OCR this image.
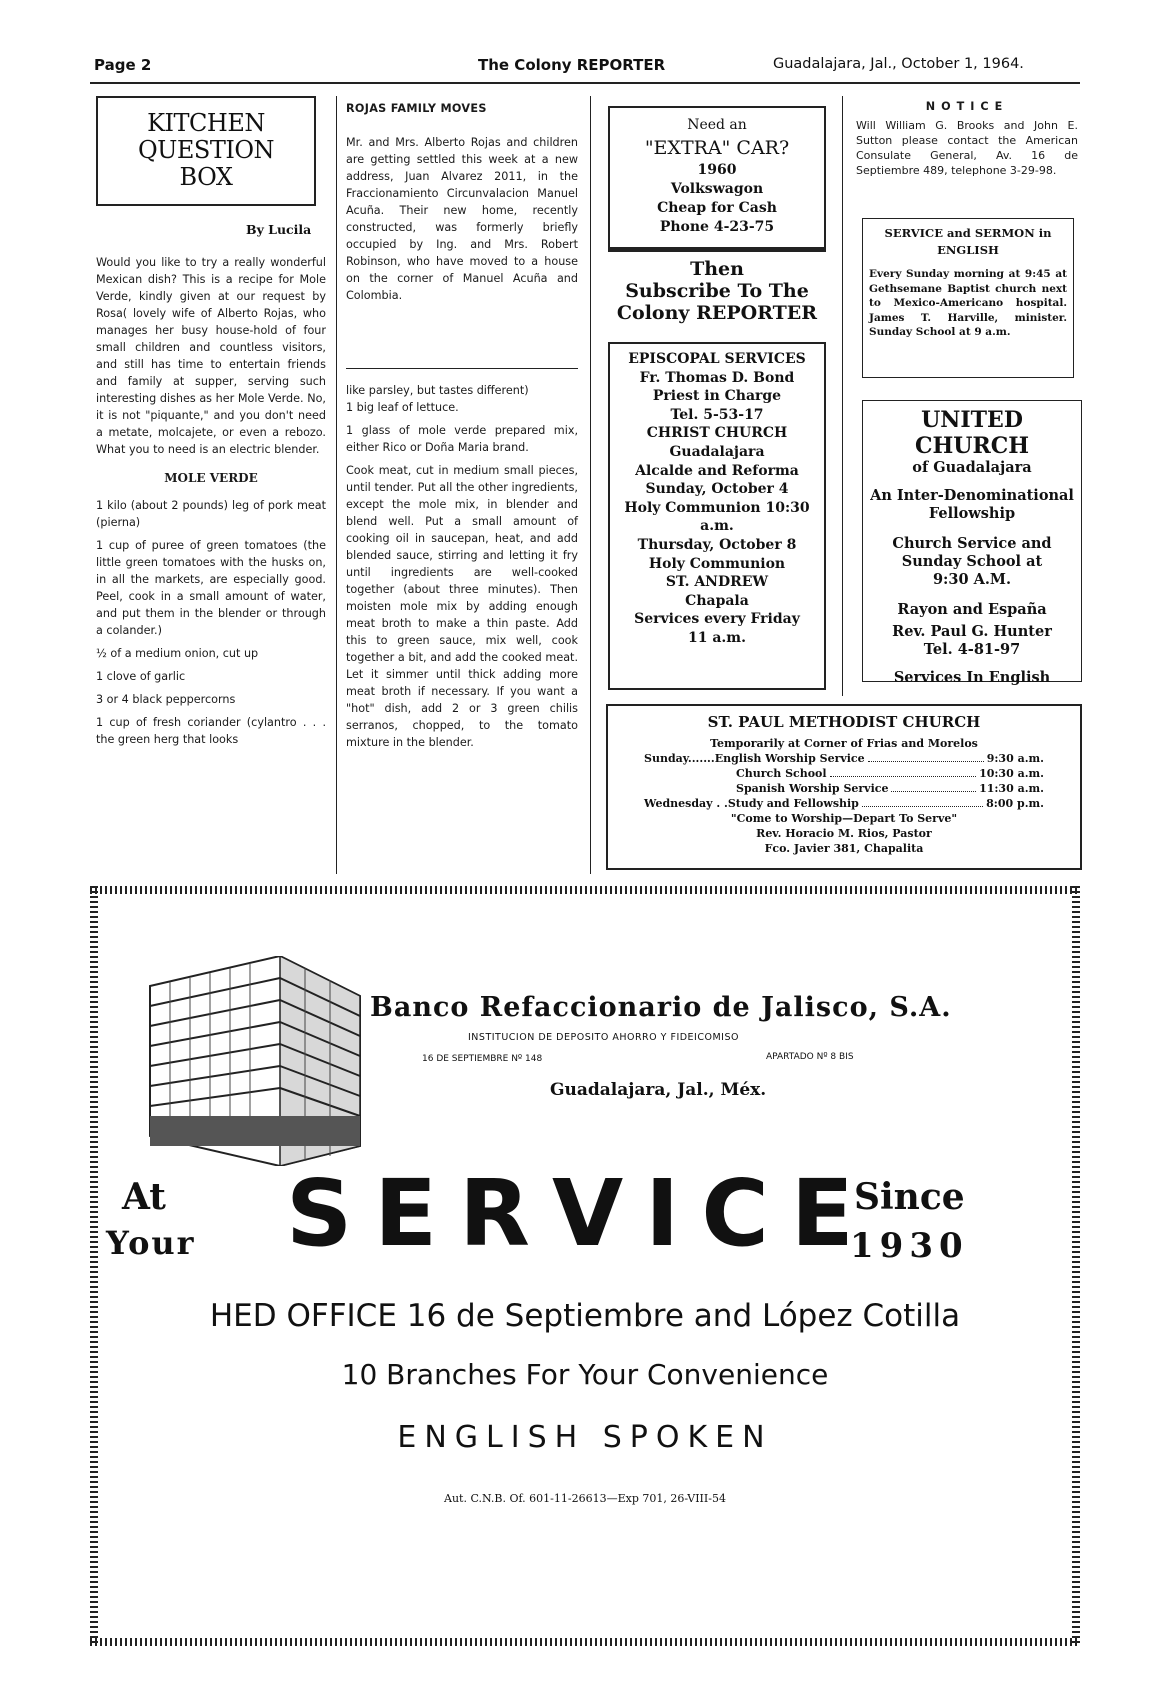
Page 2	The Colony REPORTER	Guadalajara, Jal., October 1, 1964.
KITCHEN
QUESTION
BOX
By Lucila

Would you like to try a really wonderful Mexican dish? This is a recipe for Mole Verde, kindly given at our request by Rosa( lovely wife of Alberto Rojas, who manages her busy house-hold of four small children and countless visitors, and still has time to entertain friends and family at supper, serving such interesting dishes as her Mole Verde. No, it is not "piquante," and you don't need a metate, molcajete, or even a rebozo. What you to need is an electric blender.

MOLE VERDE

1 kilo (about 2 pounds) leg of pork meat (pierna)

1 cup of puree of green tomatoes (the little green tomatoes with the husks on, in all the markets, are especially good. Peel, cook in a small amount of water, and put them in the blender or through a colander.)

½ of a medium onion, cut up

1 clove of garlic

3 or 4 black peppercorns

1 cup of fresh coriander (cylantro . . . the green herg that looks

ROJAS FAMILY MOVES
Mr. and Mrs. Alberto Rojas and children are getting settled this week at a new address, Juan Alvarez 2011, in the Fraccionamiento Circunvalacion Manuel Acuña. Their new home, recently constructed, was formerly briefly occupied by Ing. and Mrs. Robert Robinson, who have moved to a house on the corner of Manuel Acuña and Colombia.

like parsley, but tastes different)

1 big leaf of lettuce.

1 glass of mole verde prepared mix, either Rico or Doña Maria brand.

Cook meat, cut in medium small pieces, until tender. Put all the other ingredients, except the mole mix, in blender and blend well. Put a small amount of cooking oil in saucepan, heat, and add blended sauce, stirring and letting it fry until ingredients are well-cooked together (about three minutes). Then moisten mole mix by adding enough meat broth to make a thin paste. Add this to green sauce, mix well, cook together a bit, and add the cooked meat. Let it simmer until thick adding more meat broth if necessary. If you want a "hot" dish, add 2 or 3 green chilis serranos, chopped, to the tomato mixture in the blender.

Need an
"EXTRA" CAR?
1960
Volkswagon
Cheap for Cash
Phone 4-23-75
Then
Subscribe To The
Colony REPORTER
EPISCOPAL SERVICES
Fr. Thomas D. Bond
Priest in Charge
Tel. 5-53-17
CHRIST CHURCH
Guadalajara
Alcalde and Reforma
Sunday, October 4
Holy Communion 10:30
a.m.
Thursday, October 8
Holy Communion
ST. ANDREW
Chapala
Services every Friday
11 a.m.
NOTICE
Will William G. Brooks and John E. Sutton please contact the American Consulate General, Av. 16 de Septiembre 489, telephone 3-29-98.
SERVICE and SERMON in
ENGLISH
Every Sunday morning at 9:45 at Gethsemane Baptist church next to Mexico-Americano hospital. James T. Harville, minister. Sunday School at 9 a.m.
UNITED CHURCH
of Guadalajara
An Inter-Denominational
Fellowship
Church Service and
Sunday School at
9:30 A.M.
Rayon and España
Rev. Paul G. Hunter
Tel. 4-81-97
Services In English
ST. PAUL METHODIST CHURCH
Temporarily at Corner of Frias and Morelos
Sunday.......English Worship Service	9:30 a.m.
Church School	10:30 a.m.
Spanish Worship Service	11:30 a.m.
Wednesday . .Study and Fellowship	8:00 p.m.
"Come to Worship—Depart To Serve"
Rev. Horacio M. Rios, Pastor
Fco. Javier 381, Chapalita
Banco Refaccionario de Jalisco, S.A.
INSTITUCION DE DEPOSITO AHORRO Y FIDEICOMISO
16 DE SEPTIEMBRE Nº 148	APARTADO Nº 8 BIS
Guadalajara, Jal., Méx.
At
Your SERVICE
Since
1930
HED OFFICE 16 de Septiembre and López Cotilla
10 Branches For Your Convenience
ENGLISH SPOKEN
Aut. C.N.B. Of. 601-11-26613—Exp 701, 26-VIII-54
